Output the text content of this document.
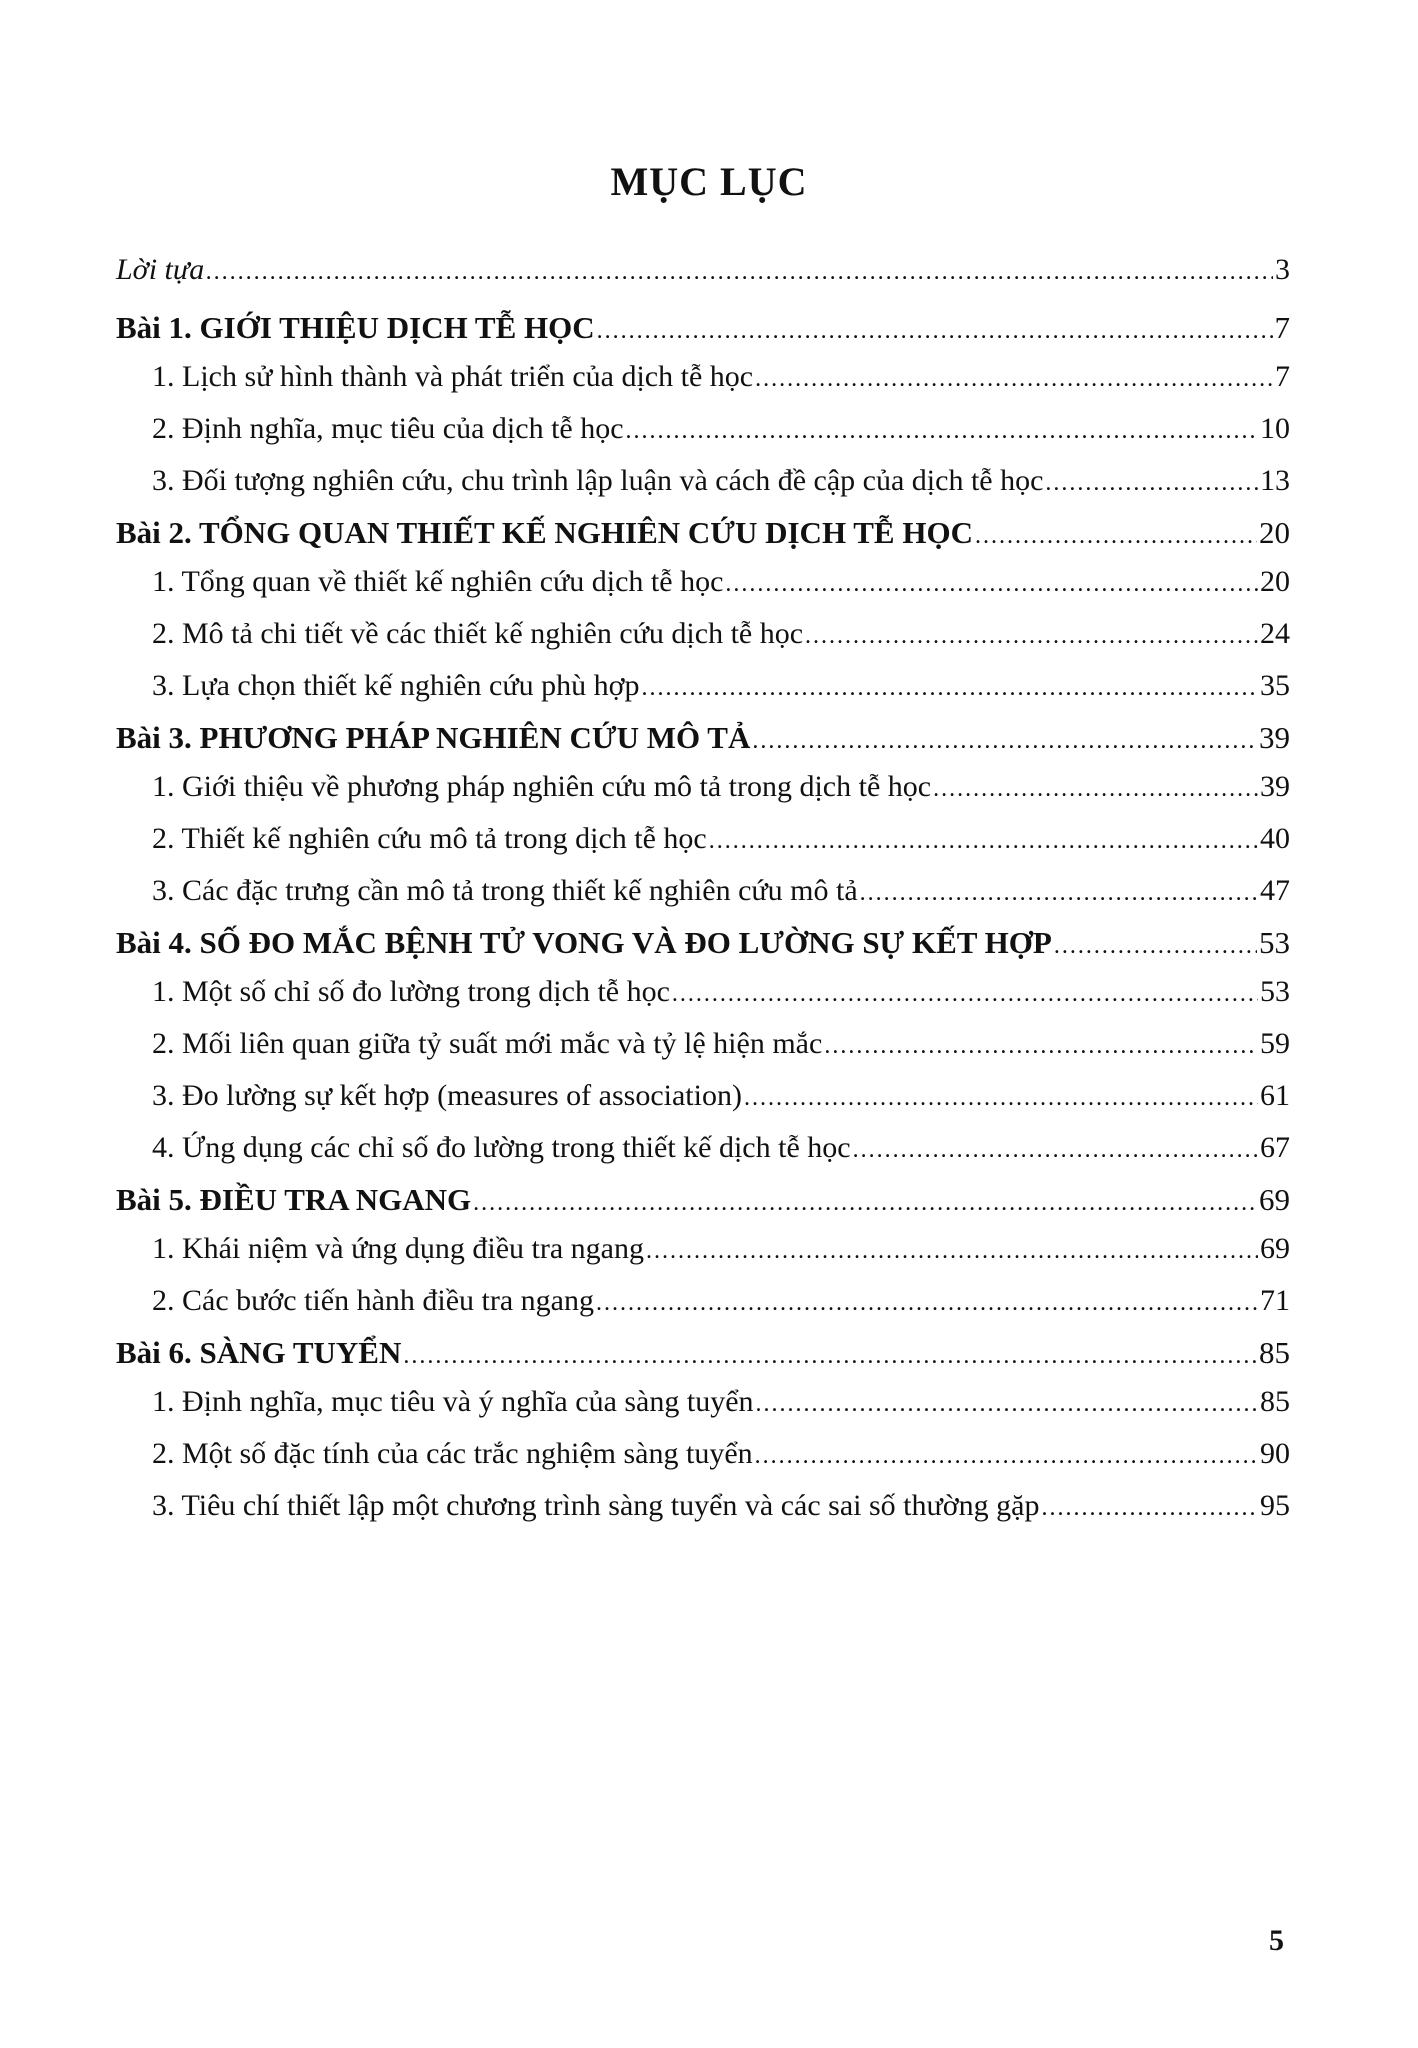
MỤC LỤC
Lời tựa .....	3
Bài 1. GIỚI THIỆU DỊCH TỄ HỌC .....	7
1. Lịch sử hình thành và phát triển của dịch tễ học .....	7
2. Định nghĩa, mục tiêu của dịch tễ học .....	10
3. Đối tượng nghiên cứu, chu trình lập luận và cách đề cập của dịch tễ học .....	13
Bài 2. TỔNG QUAN THIẾT KẾ NGHIÊN CỨU DỊCH TỄ HỌC .....	20
1. Tổng quan về thiết kế nghiên cứu dịch tễ học .....	20
2. Mô tả chi tiết về các thiết kế nghiên cứu dịch tễ học .....	24
3. Lựa chọn thiết kế nghiên cứu phù hợp .....	35
Bài 3. PHƯƠNG PHÁP NGHIÊN CỨU MÔ TẢ .....	39
1. Giới thiệu về phương pháp nghiên cứu mô tả trong dịch tễ học .....	39
2. Thiết kế nghiên cứu mô tả trong dịch tễ học .....	40
3. Các đặc trưng cần mô tả trong thiết kế nghiên cứu mô tả .....	47
Bài 4. SỐ ĐO MẮC BỆNH TỬ VONG VÀ ĐO LƯỜNG SỰ KẾT HỢP .....	53
1. Một số chỉ số đo lường trong dịch tễ học .....	53
2. Mối liên quan giữa tỷ suất mới mắc và tỷ lệ hiện mắc .....	59
3. Đo lường sự kết hợp (measures of association) .....	61
4. Ứng dụng các chỉ số đo lường trong thiết kế dịch tễ học .....	67
Bài 5. ĐIỀU TRA NGANG .....	69
1. Khái niệm và ứng dụng điều tra ngang .....	69
2. Các bước tiến hành điều tra ngang .....	71
Bài 6. SÀNG TUYỂN .....	85
1. Định nghĩa, mục tiêu và ý nghĩa của sàng tuyển .....	85
2. Một số đặc tính của các trắc nghiệm sàng tuyển .....	90
3. Tiêu chí thiết lập một chương trình sàng tuyển và các sai số thường gặp .....	95
5
